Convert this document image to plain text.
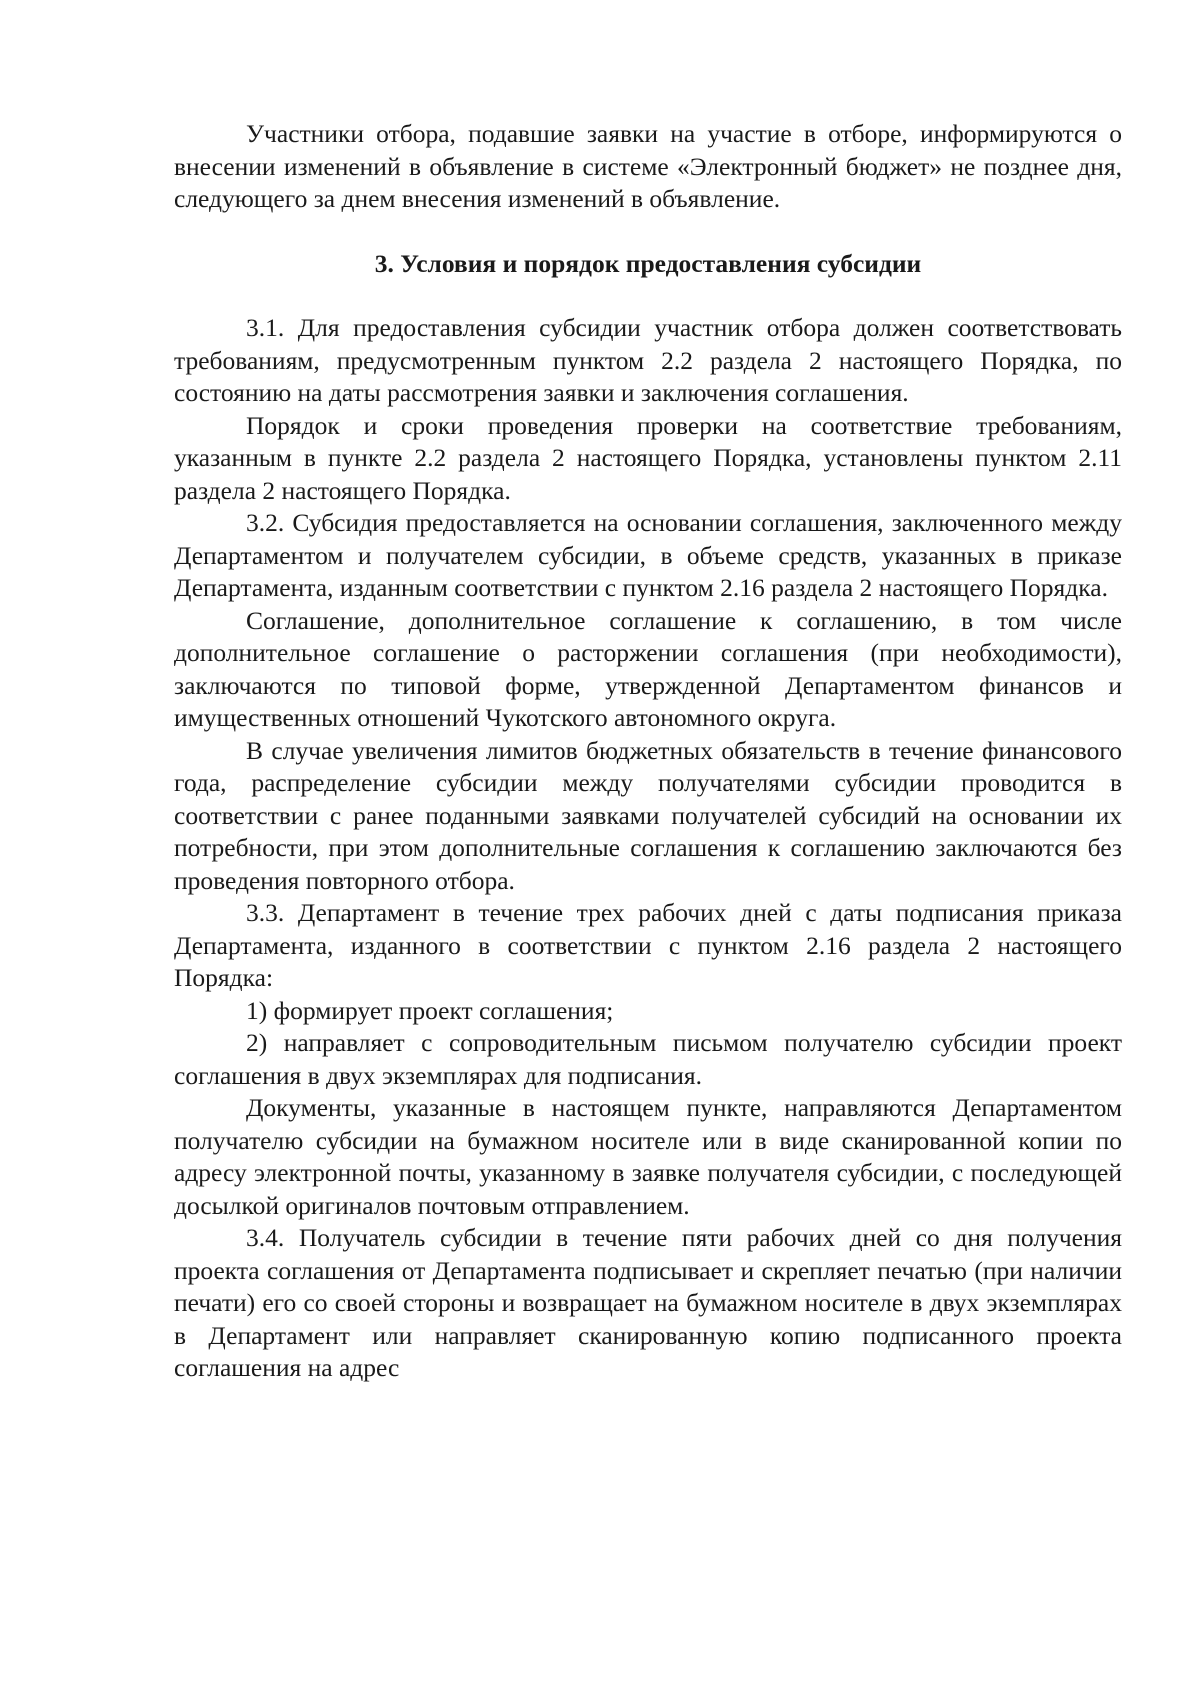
Участники отбора, подавшие заявки на участие в отборе, информируются о внесении изменений в объявление в системе «Электронный бюджет» не позднее дня, следующего за днем внесения изменений в объявление.

3. Условия и порядок предоставления субсидии

3.1. Для предоставления субсидии участник отбора должен соответствовать требованиям, предусмотренным пунктом 2.2 раздела 2 настоящего Порядка, по состоянию на даты рассмотрения заявки и заключения соглашения.

Порядок и сроки проведения проверки на соответствие требованиям, указанным в пункте 2.2 раздела 2 настоящего Порядка, установлены пунктом 2.11 раздела 2 настоящего Порядка.

3.2. Субсидия предоставляется на основании соглашения, заключенного между Департаментом и получателем субсидии, в объеме средств, указанных в приказе Департамента, изданным соответствии с пунктом 2.16 раздела 2 настоящего Порядка.

Соглашение, дополнительное соглашение к соглашению, в том числе дополнительное соглашение о расторжении соглашения (при необходимости), заключаются по типовой форме, утвержденной Департаментом финансов и имущественных отношений Чукотского автономного округа.

В случае увеличения лимитов бюджетных обязательств в течение финансового года, распределение субсидии между получателями субсидии проводится в соответствии с ранее поданными заявками получателей субсидий на основании их потребности, при этом дополнительные соглашения к соглашению заключаются без проведения повторного отбора.

3.3. Департамент в течение трех рабочих дней с даты подписания приказа Департамента, изданного в соответствии с пунктом 2.16 раздела 2 настоящего Порядка:

1) формирует проект соглашения;

2) направляет с сопроводительным письмом получателю субсидии проект соглашения в двух экземплярах для подписания.

Документы, указанные в настоящем пункте, направляются Департаментом получателю субсидии на бумажном носителе или в виде сканированной копии по адресу электронной почты, указанному в заявке получателя субсидии, с последующей досылкой оригиналов почтовым отправлением.

3.4. Получатель субсидии в течение пяти рабочих дней со дня получения проекта соглашения от Департамента подписывает и скрепляет печатью (при наличии печати) его со своей стороны и возвращает на бумажном носителе в двух экземплярах в Департамент или направляет сканированную копию подписанного проекта соглашения на адрес
